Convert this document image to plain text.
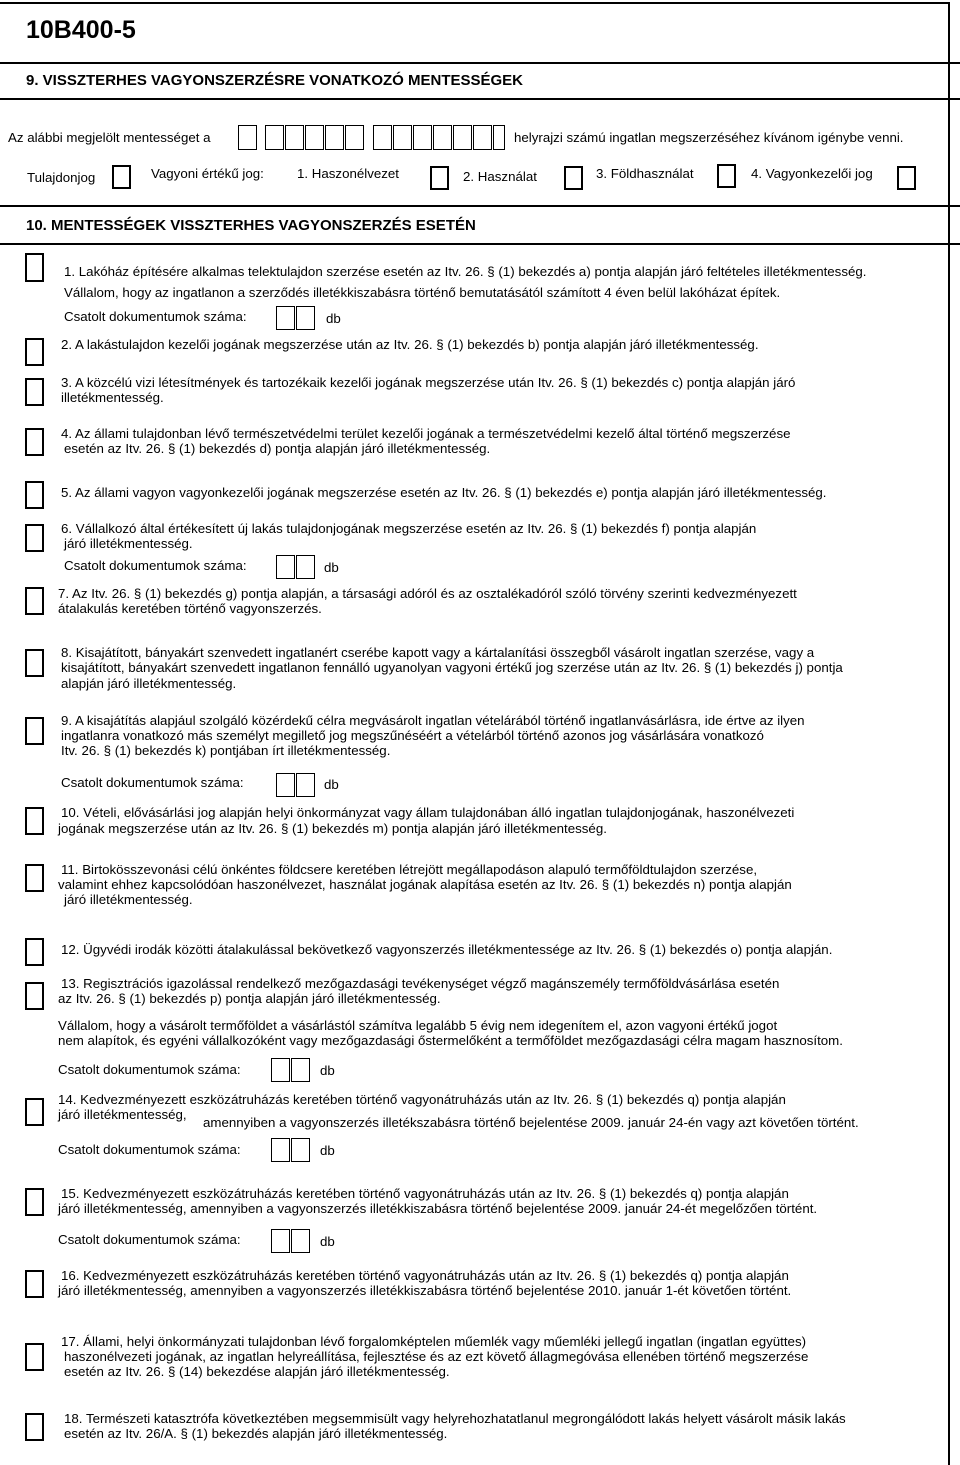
10B400-5
9. VISSZTERHES VAGYONSZERZÉSRE VONATKOZÓ MENTESSÉGEK
Az alábbi megjelölt mentességet a	helyrajzi számú ingatlan megszerzéséhez kívánom igénybe venni.
Tulajdonjog	Vagyoni értékű jog: 1. Haszonélvezet	2. Használat	3. Földhasználat	4. Vagyonkezelői jog
10. MENTESSÉGEK VISSZTERHES VAGYONSZERZÉS ESETÉN
1. Lakóház építésére alkalmas telektulajdon szerzése esetén az Itv. 26. § (1) bekezdés a) pontja alapján járó feltételes illetékmentesség.
Vállalom, hogy az ingatlanon a szerződés illetékkiszabásra történő bemutatásától számított 4 éven belül lakóházat építek.
Csatolt dokumentumok száma:	db
2. A lakástulajdon kezelői jogának megszerzése után az Itv. 26. § (1) bekezdés b) pontja alapján járó illetékmentesség.
3. A közcélú vizi létesítmények és tartozékaik kezelői jogának megszerzése után Itv. 26. § (1) bekezdés c) pontja alapján járó
illetékmentesség.
4. Az állami tulajdonban lévő természetvédelmi terület kezelői jogának a természetvédelmi kezelő által történő megszerzése
esetén az Itv. 26. § (1) bekezdés d) pontja alapján járó illetékmentesség.
5. Az állami vagyon vagyonkezelői jogának megszerzése esetén az Itv. 26. § (1) bekezdés e) pontja alapján járó illetékmentesség.
6. Vállalkozó által értékesített új lakás tulajdonjogának megszerzése esetén az Itv. 26. § (1) bekezdés f) pontja alapján
járó illetékmentesség.
Csatolt dokumentumok száma:	db
7. Az Itv. 26. § (1) bekezdés g) pontja alapján, a társasági adóról és az osztalékadóról szóló törvény szerinti kedvezményezett
átalakulás keretében történő vagyonszerzés.
8. Kisajátított, bányakárt szenvedett ingatlanért cserébe kapott vagy a kártalanítási összegből vásárolt ingatlan szerzése, vagy a
kisajátított, bányakárt szenvedett ingatlanon fennálló ugyanolyan vagyoni értékű jog szerzése után az Itv. 26. § (1) bekezdés j) pontja
alapján járó illetékmentesség.
9. A kisajátítás alapjául szolgáló közérdekű célra megvásárolt ingatlan vételárából történő ingatlanvásárlásra, ide értve az ilyen
ingatlanra vonatkozó más személyt megillető jog megszűnéséért a vételárból történő azonos jog vásárlására vonatkozó
Itv. 26. § (1) bekezdés k) pontjában írt illetékmentesség.
Csatolt dokumentumok száma:	db
10. Vételi, elővásárlási jog alapján helyi önkormányzat vagy állam tulajdonában álló ingatlan tulajdonjogának, haszonélvezeti
jogának megszerzése után az Itv. 26. § (1) bekezdés m) pontja alapján járó illetékmentesség.
11. Birtokösszevonási célú önkéntes földcsere keretében létrejött megállapodáson alapuló termőföldtulajdon szerzése,
valamint ehhez kapcsolódóan haszonélvezet, használat jogának alapítása esetén az Itv. 26. § (1) bekezdés n) pontja alapján
járó illetékmentesség.
12. Ügyvédi irodák közötti átalakulással bekövetkező vagyonszerzés illetékmentessége az Itv. 26. § (1) bekezdés o) pontja alapján.
13. Regisztrációs igazolással rendelkező mezőgazdasági tevékenységet végző magánszemély termőföldvásárlása esetén
az Itv. 26. § (1) bekezdés p) pontja alapján járó illetékmentesség.
Vállalom, hogy a vásárolt termőföldet a vásárlástól számítva legalább 5 évig nem idegenítem el, azon vagyoni értékű jogot
nem alapítok, és egyéni vállalkozóként vagy mezőgazdasági őstermelőként a termőföldet mezőgazdasági célra magam hasznosítom.
Csatolt dokumentumok száma:	db
14. Kedvezményezett eszközátruházás keretében történő vagyonátruházás után az Itv. 26. § (1) bekezdés q) pontja alapján
járó illetékmentesség,
amennyiben a vagyonszerzés illetékszabásra történő bejelentése 2009. január 24-én vagy azt követően történt.
Csatolt dokumentumok száma:	db
15. Kedvezményezett eszközátruházás keretében történő vagyonátruházás után az Itv. 26. § (1) bekezdés q) pontja alapján
járó illetékmentesség, amennyiben a vagyonszerzés illetékkiszabásra történő bejelentése 2009. január 24-ét megelőzően történt.
Csatolt dokumentumok száma:	db
16. Kedvezményezett eszközátruházás keretében történő vagyonátruházás után az Itv. 26. § (1) bekezdés q) pontja alapján
járó illetékmentesség, amennyiben a vagyonszerzés illetékkiszabásra történő bejelentése 2010. január 1-ét követően történt.
17. Állami, helyi önkormányzati tulajdonban lévő forgalomképtelen műemlék vagy műemléki jellegű ingatlan (ingatlan együttes)
haszonélvezeti jogának, az ingatlan helyreállítása, fejlesztése és az ezt követő állagmegóvása ellenében történő megszerzése
esetén az Itv. 26. § (14) bekezdése alapján járó illetékmentesség.
18. Természeti katasztrófa következtében megsemmisült vagy helyrehozhatatlanul megrongálódott lakás helyett vásárolt másik lakás
esetén az Itv. 26/A. § (1) bekezdés alapján járó illetékmentesség.
